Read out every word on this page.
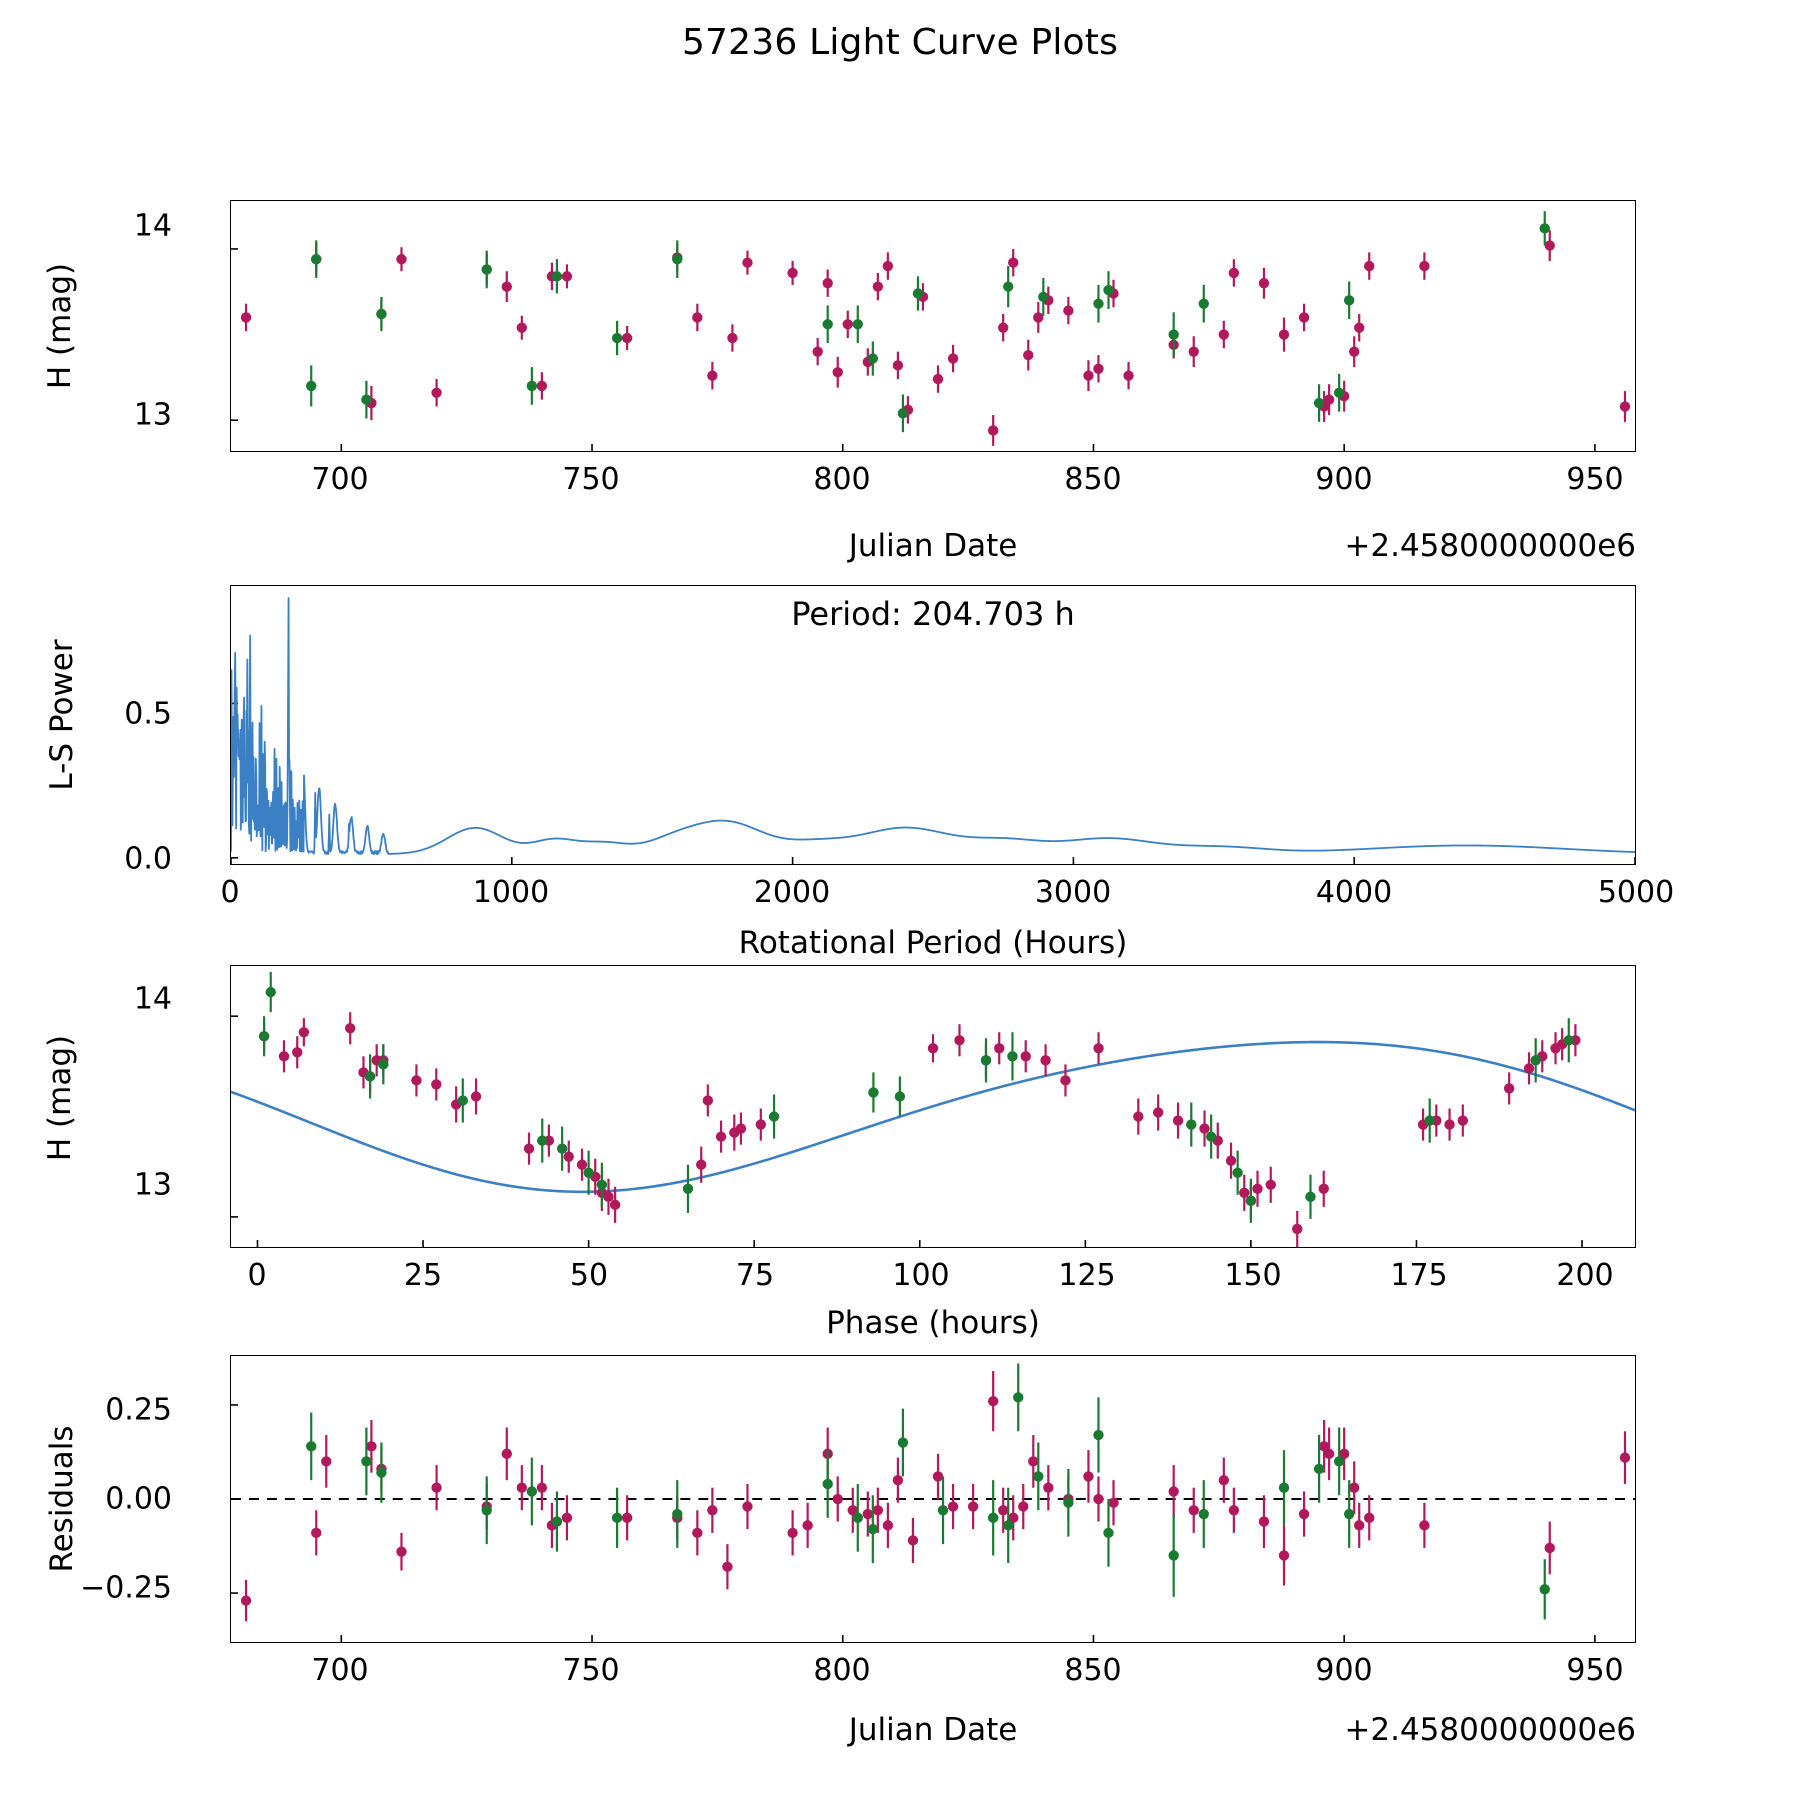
57236 Light Curve Plots
14
13
700	750	800	850	900	950
Julian Date	+2.4580000000e6
H (mag)
Period: 204.703 h
0.5
0.0
0	1000	2000	3000	4000	5000
Rotational Period (Hours)
L-S Power
14
13
0	25	50	75	100	125	150	175	200
Phase (hours)
H (mag)
0.25
0.00
−0.25
700	750	800	850	900	950
Julian Date	+2.4580000000e6
Residuals
